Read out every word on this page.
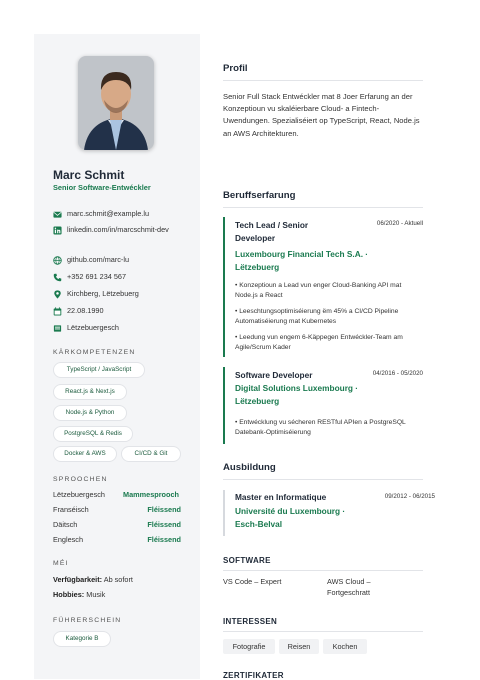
Marc Schmit
Senior Software-Entwéckler
marc.schmit@example.lu
linkedin.com/in/marcschmit-dev
github.com/marc-lu
+352 691 234 567
Kirchberg, Lëtzebuerg
22.08.1990
Lëtzebuergesch
KÄRKOMPETENZEN
TypeScript / JavaScript
React.js & Next.js
Node.js & Python
PostgreSQL & Redis
Docker & AWS	CI/CD & Git
SPROOCHEN
Lëtzebuergesch Mammesprooch
Franséisch	Fléissend
Däitsch	Fléissend
Englesch	Fléissend
MÉI
Verfügbarkeit: Ab sofort
Hobbies: Musik
FÜHRERSCHEIN
Kategorie B
Profil
Senior Full Stack Entwéckler mat 8 Joer Erfarung an der Konzeptioun vu skaléierbare Cloud- a Fintech-Uwendungen. Spezialiséiert op TypeScript, React, Node.js an AWS Architekturen.
Beruffserfarung
Tech Lead / Senior Developer
06/2020 - Aktuell
Luxembourg Financial Tech S.A. · Lëtzebuerg
• Konzeptioun a Lead vun enger Cloud-Banking API mat Node.js a React
• Leeschtungsoptimiséierung ëm 45% a CI/CD Pipeline Automatiséierung mat Kubernetes
• Leedung vun engem 6-Käppegen Entwéckler-Team am Agile/Scrum Kader
Software Developer	04/2016 - 05/2020
Digital Solutions Luxembourg · Lëtzebuerg
• Entwécklung vu sécheren RESTful APIen a PostgreSQL Datebank-Optimiséierung
Ausbildung
Master en Informatique	09/2012 - 06/2015
Université du Luxembourg · Esch-Belval
SOFTWARE
VS Code – Expert	AWS Cloud – Fortgeschratt
INTERESSEN
Fotografie	Reisen	Kochen
ZERTIFIKATER
